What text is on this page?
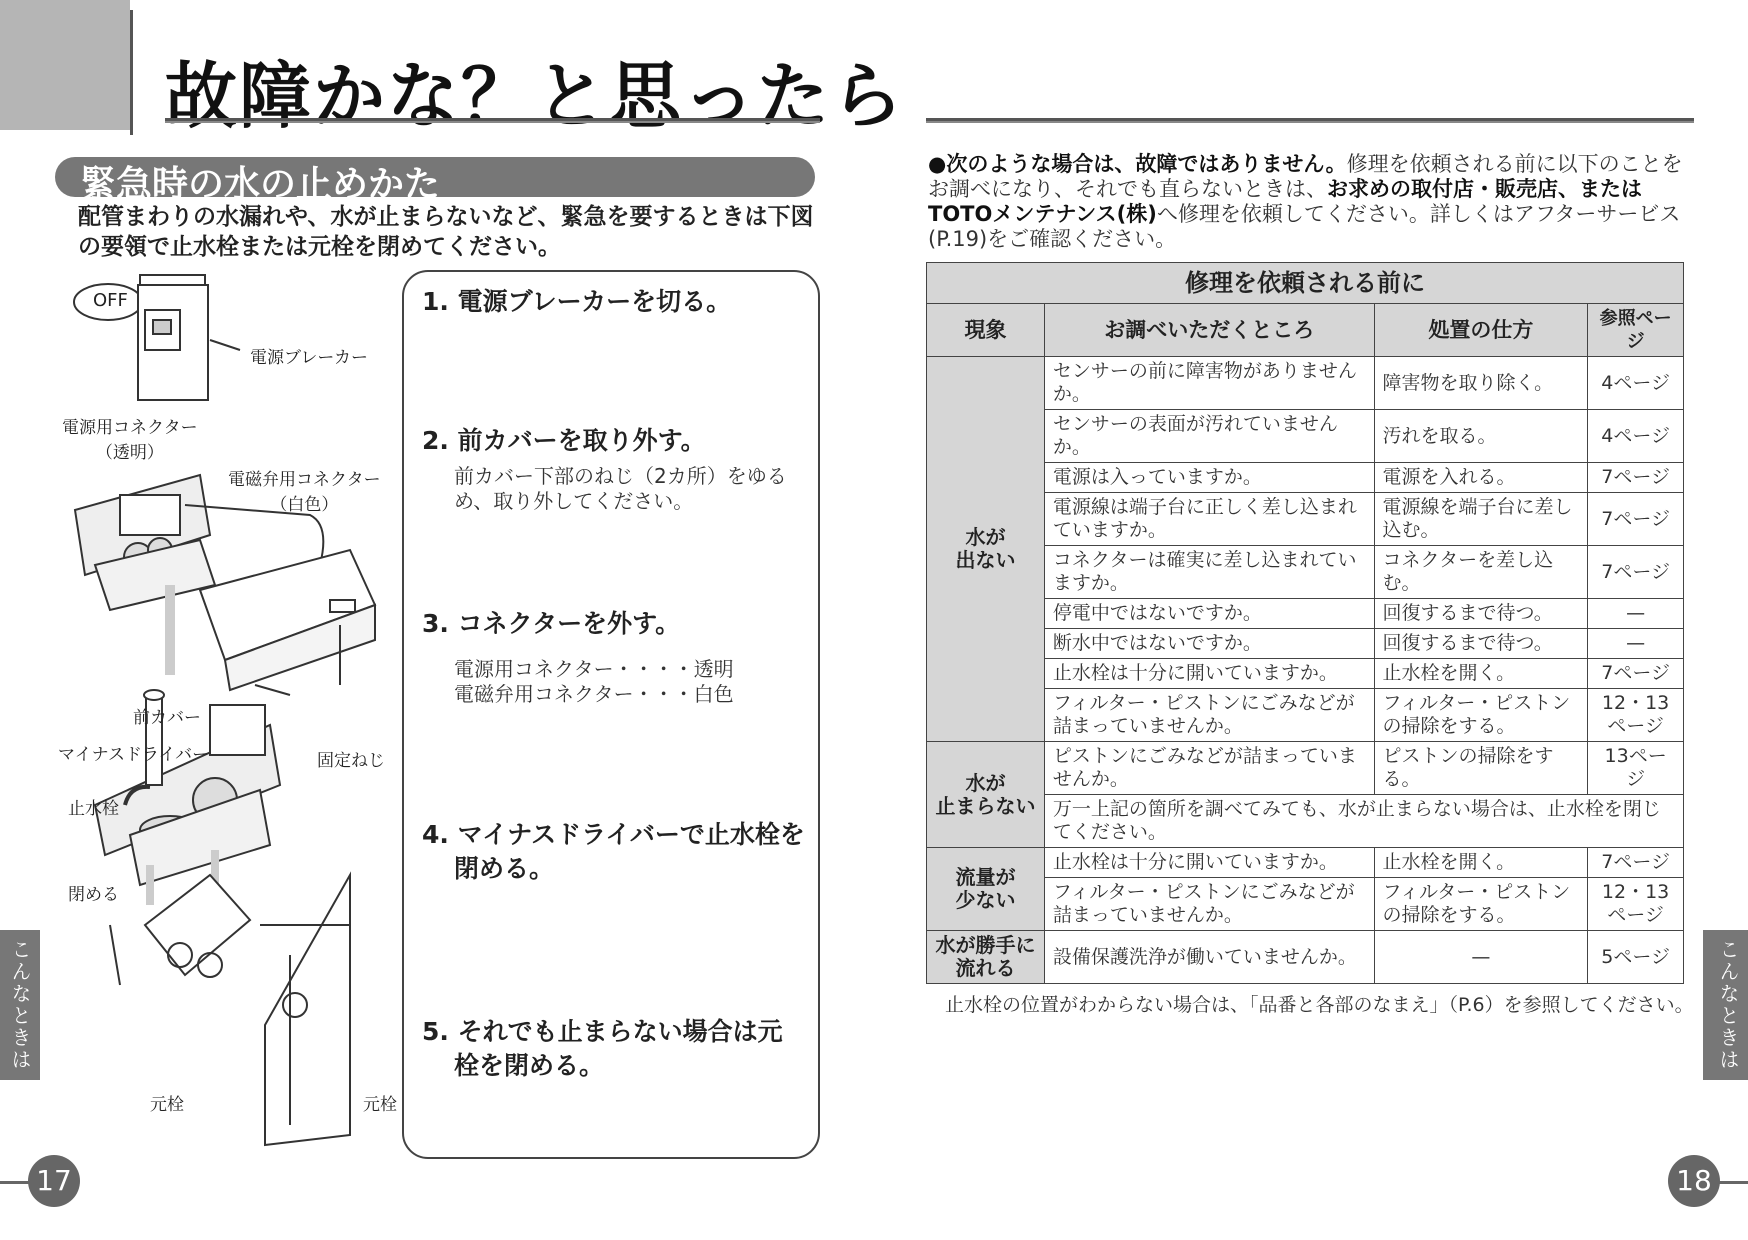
故障かな？と思ったら
緊急時の水の止めかた
配管まわりの水漏れや、水が止まらないなど、緊急を要するときは下図の要領で止水栓または元栓を閉めてください。
OFF
電源ブレーカー
電源用コネクター
（透明）
電磁弁用コネクター
（白色）
前カバー
固定ねじ
マイナスドライバー
止水栓
閉める
元栓	元栓
1. 電源ブレーカーを切る。
2. 前カバーを取り外す。
前カバー下部のねじ（2カ所）をゆるめ、取り外してください。
3. コネクターを外す。
電源用コネクター・・・・透明
電磁弁用コネクター・・・白色
4. マイナスドライバーで止水栓を閉める。
5. それでも止まらない場合は元栓を閉める。
こんなときは
17
●次のような場合は、故障ではありません。修理を依頼される前に以下のことをお調べになり、それでも直らないときは、お求めの取付店・販売店、またはTOTOメンテナンス(株)へ修理を依頼してください。詳しくはアフターサービス(P.19)をご確認ください。
修理を依頼される前に			
現象	お調べいただくところ	処置の仕方	参照ページ
水が
出ない	センサーの前に障害物がありませんか。	障害物を取り除く。	4ページ
	センサーの表面が汚れていませんか。	汚れを取る。	4ページ
	電源は入っていますか。	電源を入れる。	7ページ
	電源線は端子台に正しく差し込まれていますか。	電源線を端子台に差し込む。	7ページ
	コネクターは確実に差し込まれていますか。	コネクターを差し込む。	7ページ
	停電中ではないですか。	回復するまで待つ。	—
	断水中ではないですか。	回復するまで待つ。	—
	止水栓は十分に開いていますか。	止水栓を開く。	7ページ
	フィルター・ピストンにごみなどが詰まっていませんか。	フィルター・ピストンの掃除をする。	12・13
ページ
水が
止まらない	ピストンにごみなどが詰まっていませんか。	ピストンの掃除をする。	13ページ
	万一上記の箇所を調べてみても、水が止まらない場合は、止水栓を閉じてください。		
流量が
少ない	止水栓は十分に開いていますか。	止水栓を開く。	7ページ
	フィルター・ピストンにごみなどが詰まっていませんか。	フィルター・ピストンの掃除をする。	12・13
ページ
水が勝手に
流れる	設備保護洗浄が働いていませんか。	—	5ページ
止水栓の位置がわからない場合は、「品番と各部のなまえ」（P.6）を参照してください。	こんなときは
18
